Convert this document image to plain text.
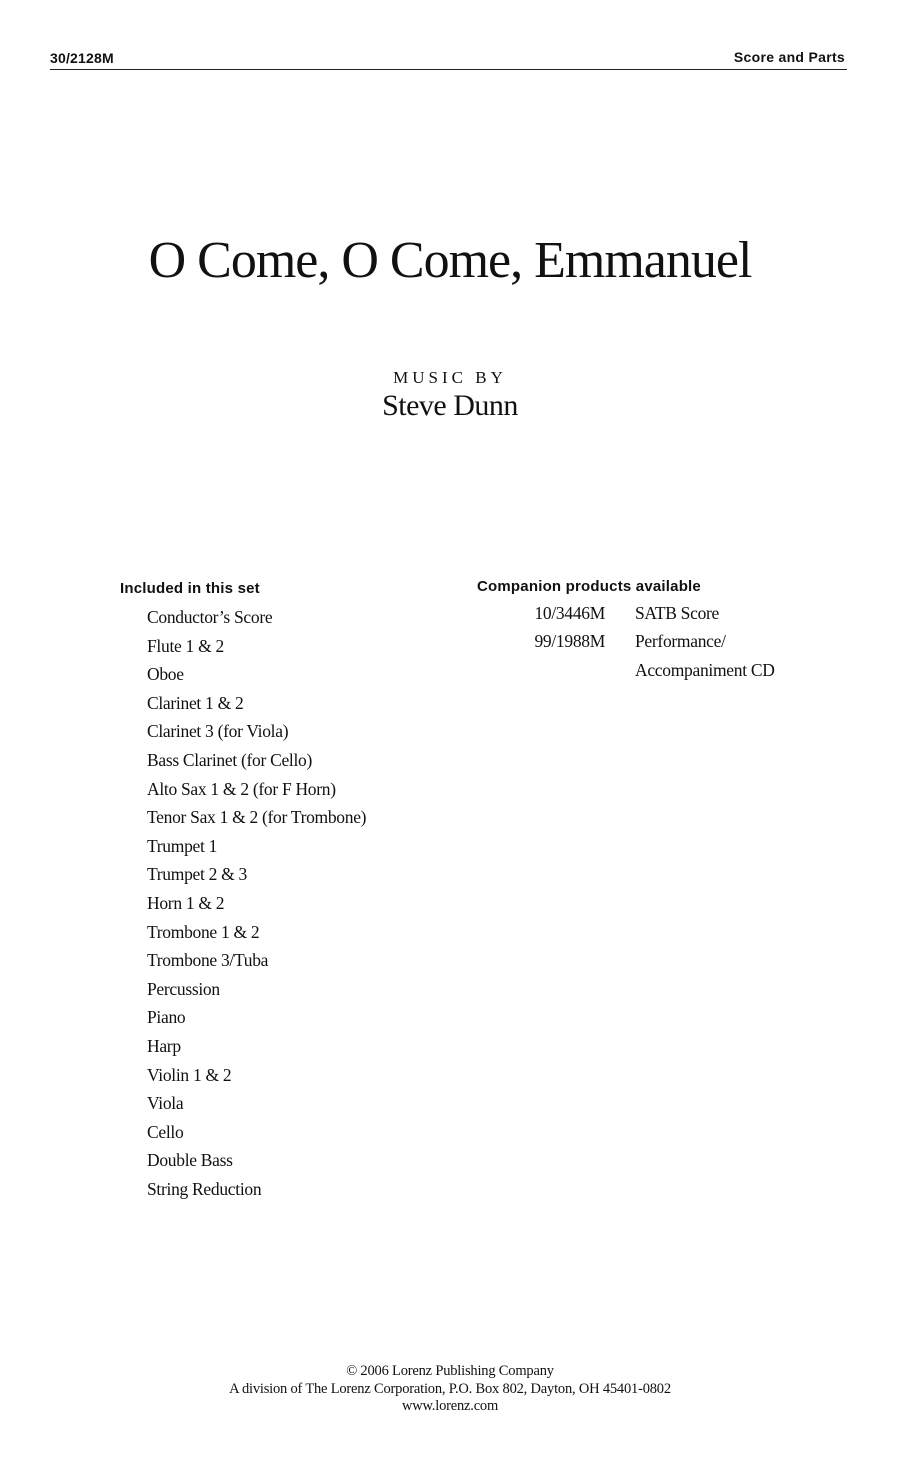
30/2128M	Score and Parts
O Come, O Come, Emmanuel
MUSIC BY
Steve Dunn
Included in this set
Conductor’s Score
Flute 1 & 2
Oboe
Clarinet 1 & 2
Clarinet 3 (for Viola)
Bass Clarinet (for Cello)
Alto Sax 1 & 2 (for F Horn)
Tenor Sax 1 & 2 (for Trombone)
Trumpet 1
Trumpet 2 & 3
Horn 1 & 2
Trombone 1 & 2
Trombone 3/Tuba
Percussion
Piano
Harp
Violin 1 & 2
Viola
Cello
Double Bass
String Reduction
Companion products available
10/3446M SATB Score
99/1988M Performance/
Accompaniment CD
© 2006 Lorenz Publishing Company
A division of The Lorenz Corporation, P.O. Box 802, Dayton, OH 45401-0802
www.lorenz.com
